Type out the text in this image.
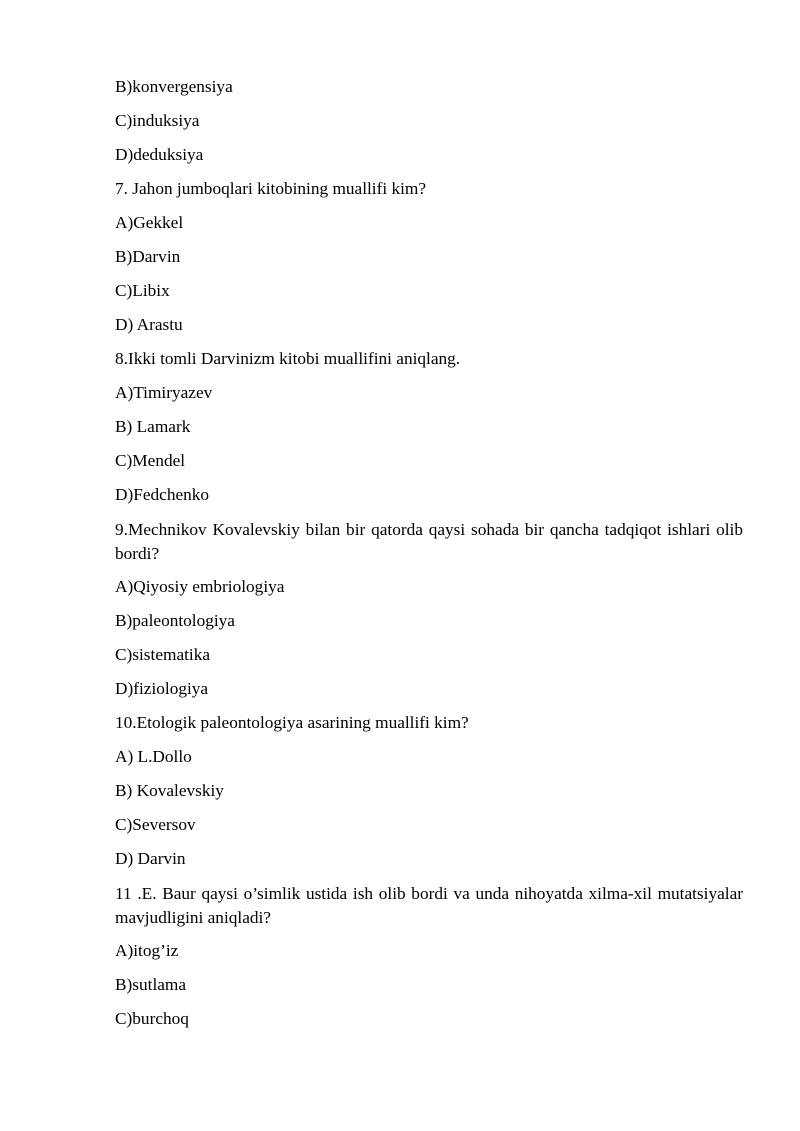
B)konvergensiya
C)induksiya
D)deduksiya
7. Jahon jumboqlari kitobining muallifi kim?
A)Gekkel
B)Darvin
C)Libix
D) Arastu
8.Ikki tomli Darvinizm kitobi muallifini aniqlang.
A)Timiryazev
B) Lamark
C)Mendel
D)Fedchenko
9.Mechnikov Kovalevskiy bilan bir qatorda qaysi sohada bir qancha tadqiqot ishlari olib bordi?
A)Qiyosiy embriologiya
B)paleontologiya
C)sistematika
D)fiziologiya
10.Etologik paleontologiya asarining muallifi kim?
A) L.Dollo
B) Kovalevskiy
C)Seversov
D) Darvin
11 .E. Baur qaysi o’simlik ustida ish olib bordi va unda nihoyatda xilma-xil mutatsiyalar mavjudligini aniqladi?
A)itog’iz
B)sutlama
C)burchoq
